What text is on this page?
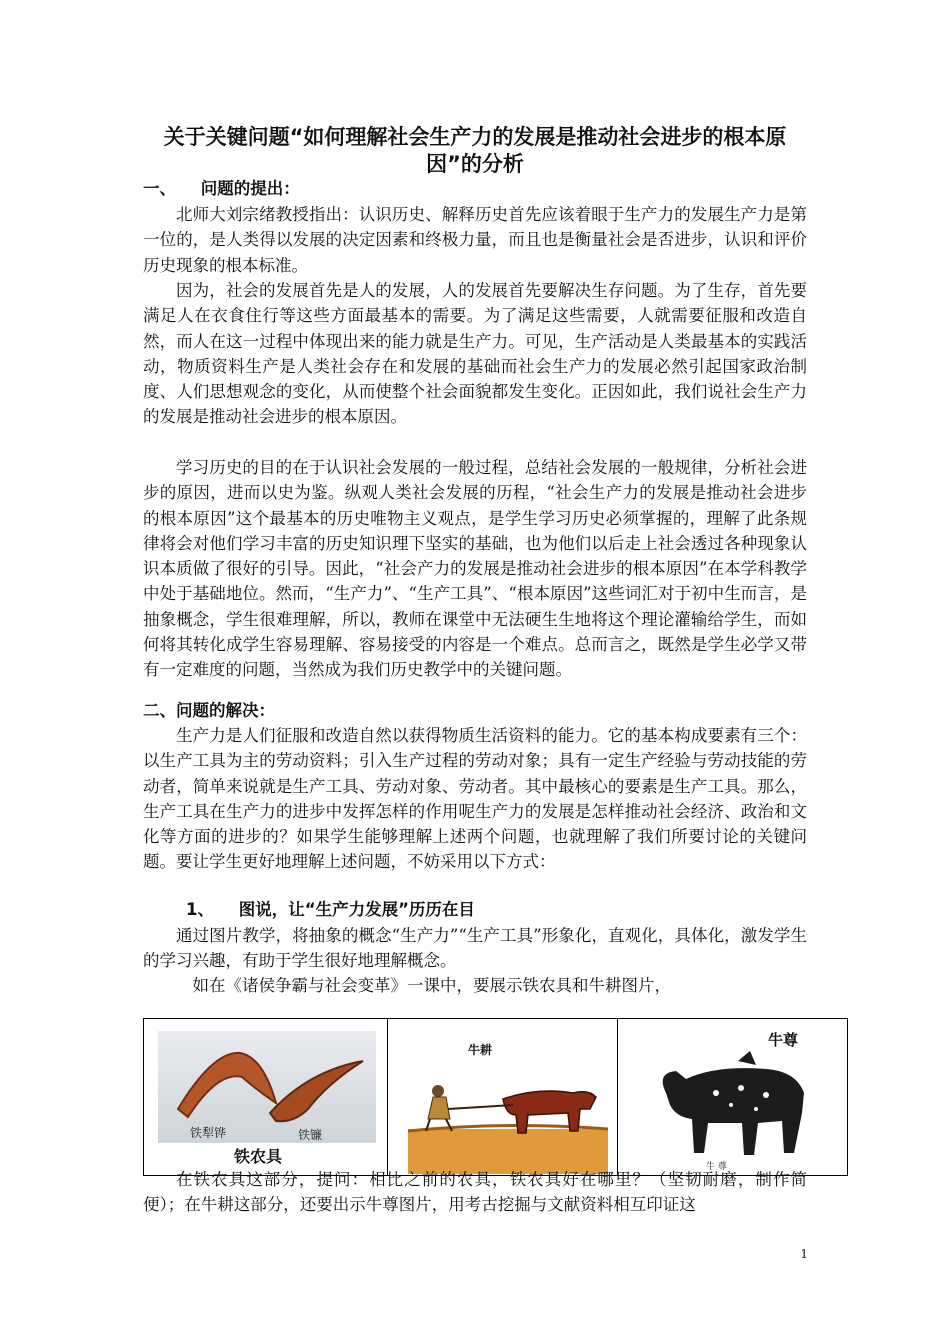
关于关键问题“如何理解社会生产力的发展是推动社会进步的根本原因”的分析
一、　　问题的提出：
北师大刘宗绪教授指出：认识历史、解释历史首先应该着眼于生产力的发展生产力是第一位的，是人类得以发展的决定因素和终极力量，而且也是衡量社会是否进步，认识和评价历史现象的根本标准。
因为，社会的发展首先是人的发展，人的发展首先要解决生存问题。为了生存，首先要满足人在衣食住行等这些方面最基本的需要。为了满足这些需要，人就需要征服和改造自然，而人在这一过程中体现出来的能力就是生产力。可见，生产活动是人类最基本的实践活动，物质资料生产是人类社会存在和发展的基础而社会生产力的发展必然引起国家政治制度、人们思想观念的变化，从而使整个社会面貌都发生变化。正因如此，我们说社会生产力的发展是推动社会进步的根本原因。
学习历史的目的在于认识社会发展的一般过程，总结社会发展的一般规律，分析社会进步的原因，进而以史为鉴。纵观人类社会发展的历程，“社会生产力的发展是推动社会进步的根本原因”这个最基本的历史唯物主义观点，是学生学习历史必须掌握的，理解了此条规律将会对他们学习丰富的历史知识理下坚实的基础，也为他们以后走上社会透过各种现象认识本质做了很好的引导。因此，“社会产力的发展是推动社会进步的根本原因”在本学科教学中处于基础地位。然而，“生产力”、“生产工具”、“根本原因”这些词汇对于初中生而言，是抽象概念，学生很难理解，所以，教师在课堂中无法硬生生地将这个理论灌输给学生，而如何将其转化成学生容易理解、容易接受的内容是一个难点。总而言之，既然是学生必学又带有一定难度的问题，当然成为我们历史教学中的关键问题。
二、问题的解决：
生产力是人们征服和改造自然以获得物质生活资料的能力。它的基本构成要素有三个：以生产工具为主的劳动资料；引入生产过程的劳动对象；具有一定生产经验与劳动技能的劳动者，简单来说就是生产工具、劳动对象、劳动者。其中最核心的要素是生产工具。那么，生产工具在生产力的进步中发挥怎样的作用呢生产力的发展是怎样推动社会经济、政治和文化等方面的进步的？如果学生能够理解上述两个问题，也就理解了我们所要讨论的关键问题。要让学生更好地理解上述问题，不妨采用以下方式：
1、　　图说，让“生产力发展”历历在目
通过图片教学，将抽象的概念“生产力”“生产工具”形象化，直观化，具体化，激发学生的学习兴趣，有助于学生很好地理解概念。
如在《诸侯争霸与社会变革》一课中，要展示铁农具和牛耕图片，
铁犁铧	铁镰
铁农具
牛耕
牛尊
牛 尊
在铁农具这部分，提问：相比之前的农具，铁农具好在哪里？（坚韧耐磨，制作简便）；在牛耕这部分，还要出示牛尊图片，用考古挖掘与文献资料相互印证这
1
